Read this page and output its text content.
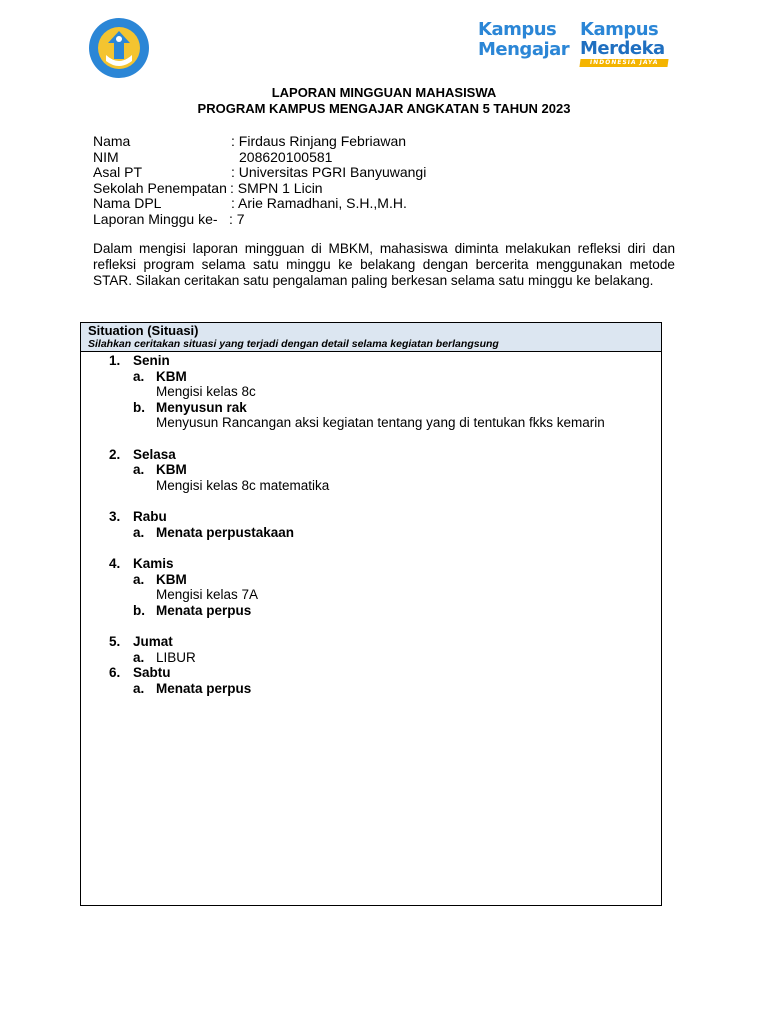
Kampus
Mengajar
Kampus
Merdeka
INDONESIA JAYA
LAPORAN MINGGUAN MAHASISWA
PROGRAM KAMPUS MENGAJAR ANGKATAN 5 TAHUN 2023
Nama	: Firdaus Rinjang Febriawan
NIM	208620100581
Asal PT	: Universitas PGRI Banyuwangi
Sekolah Penempatan : SMPN 1 Licin
Nama DPL	: Arie Ramadhani, S.H.,M.H.
Laporan Minggu ke- : 7
Dalam mengisi laporan mingguan di MBKM, mahasiswa diminta melakukan refleksi diri dan refleksi program selama satu minggu ke belakang dengan bercerita menggunakan metode STAR. Silakan ceritakan satu pengalaman paling berkesan selama satu minggu ke belakang.
Situation (Situasi)
Silahkan ceritakan situasi yang terjadi dengan detail selama kegiatan berlangsung
1. Senin
a. KBM
Mengisi kelas 8c
b. Menyusun rak
Menyusun Rancangan aksi kegiatan tentang yang di tentukan fkks kemarin
2. Selasa
a. KBM
Mengisi kelas 8c matematika
3. Rabu
a. Menata perpustakaan
4. Kamis
a. KBM
Mengisi kelas 7A
b. Menata perpus
5. Jumat
a. LIBUR
6. Sabtu
a. Menata perpus
